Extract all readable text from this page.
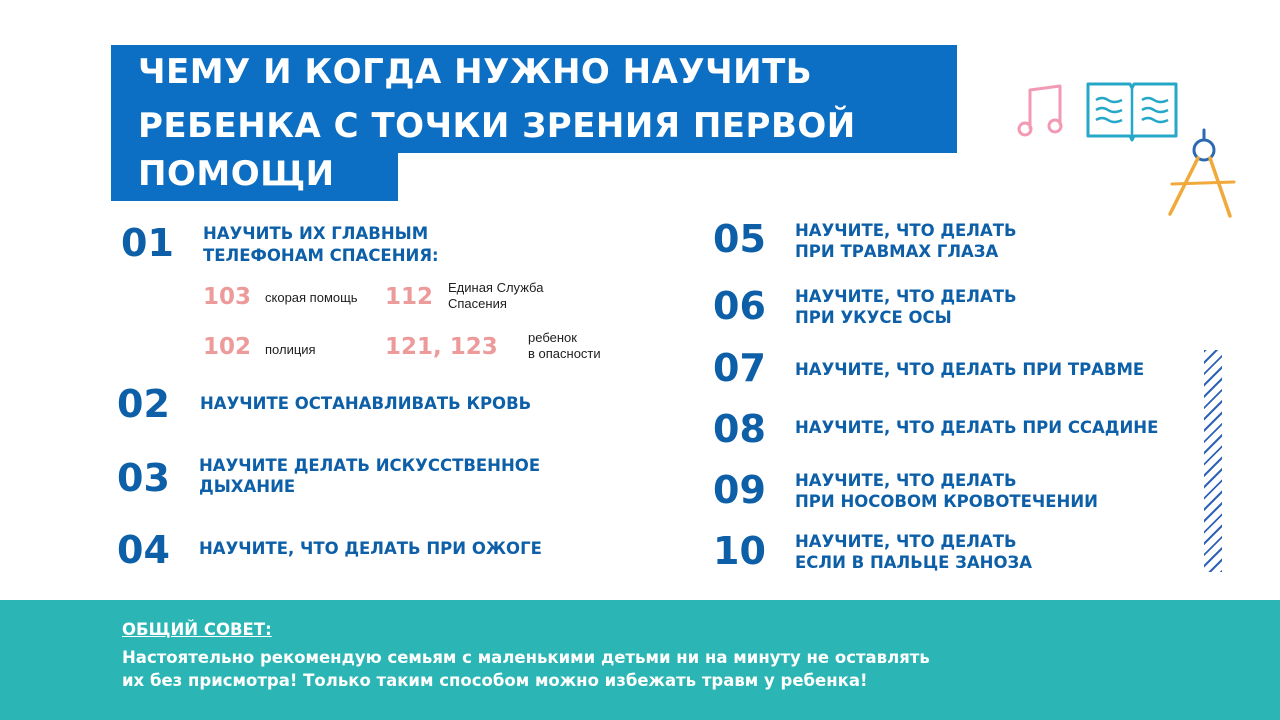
ЧЕМУ И КОГДА НУЖНО НАУЧИТЬ
РЕБЕНКА С ТОЧКИ ЗРЕНИЯ ПЕРВОЙ
ПОМОЩИ
01 НАУЧИТЬ ИХ ГЛАВНЫМ
ТЕЛЕФОНАМ СПАСЕНИЯ:
103 скорая помощь 112 Единая Служба
Спасения
102 полиция	121, 123 ребенок
в опасности
02 НАУЧИТЕ ОСТАНАВЛИВАТЬ КРОВЬ
03 НАУЧИТЕ ДЕЛАТЬ ИСКУССТВЕННОЕ
ДЫХАНИЕ
04 НАУЧИТЕ, ЧТО ДЕЛАТЬ ПРИ ОЖОГЕ
05 НАУЧИТЕ, ЧТО ДЕЛАТЬ
ПРИ ТРАВМАХ ГЛАЗА
06 НАУЧИТЕ, ЧТО ДЕЛАТЬ
ПРИ УКУСЕ ОСЫ
07 НАУЧИТЕ, ЧТО ДЕЛАТЬ ПРИ ТРАВМЕ
08 НАУЧИТЕ, ЧТО ДЕЛАТЬ ПРИ ССАДИНЕ
09 НАУЧИТЕ, ЧТО ДЕЛАТЬ
ПРИ НОСОВОМ КРОВОТЕЧЕНИИ
10 НАУЧИТЕ, ЧТО ДЕЛАТЬ
ЕСЛИ В ПАЛЬЦЕ ЗАНОЗА
ОБЩИЙ СОВЕТ:
Настоятельно рекомендую семьям с маленькими детьми ни на минуту не оставлять
их без присмотра! Только таким способом можно избежать травм у ребенка!
